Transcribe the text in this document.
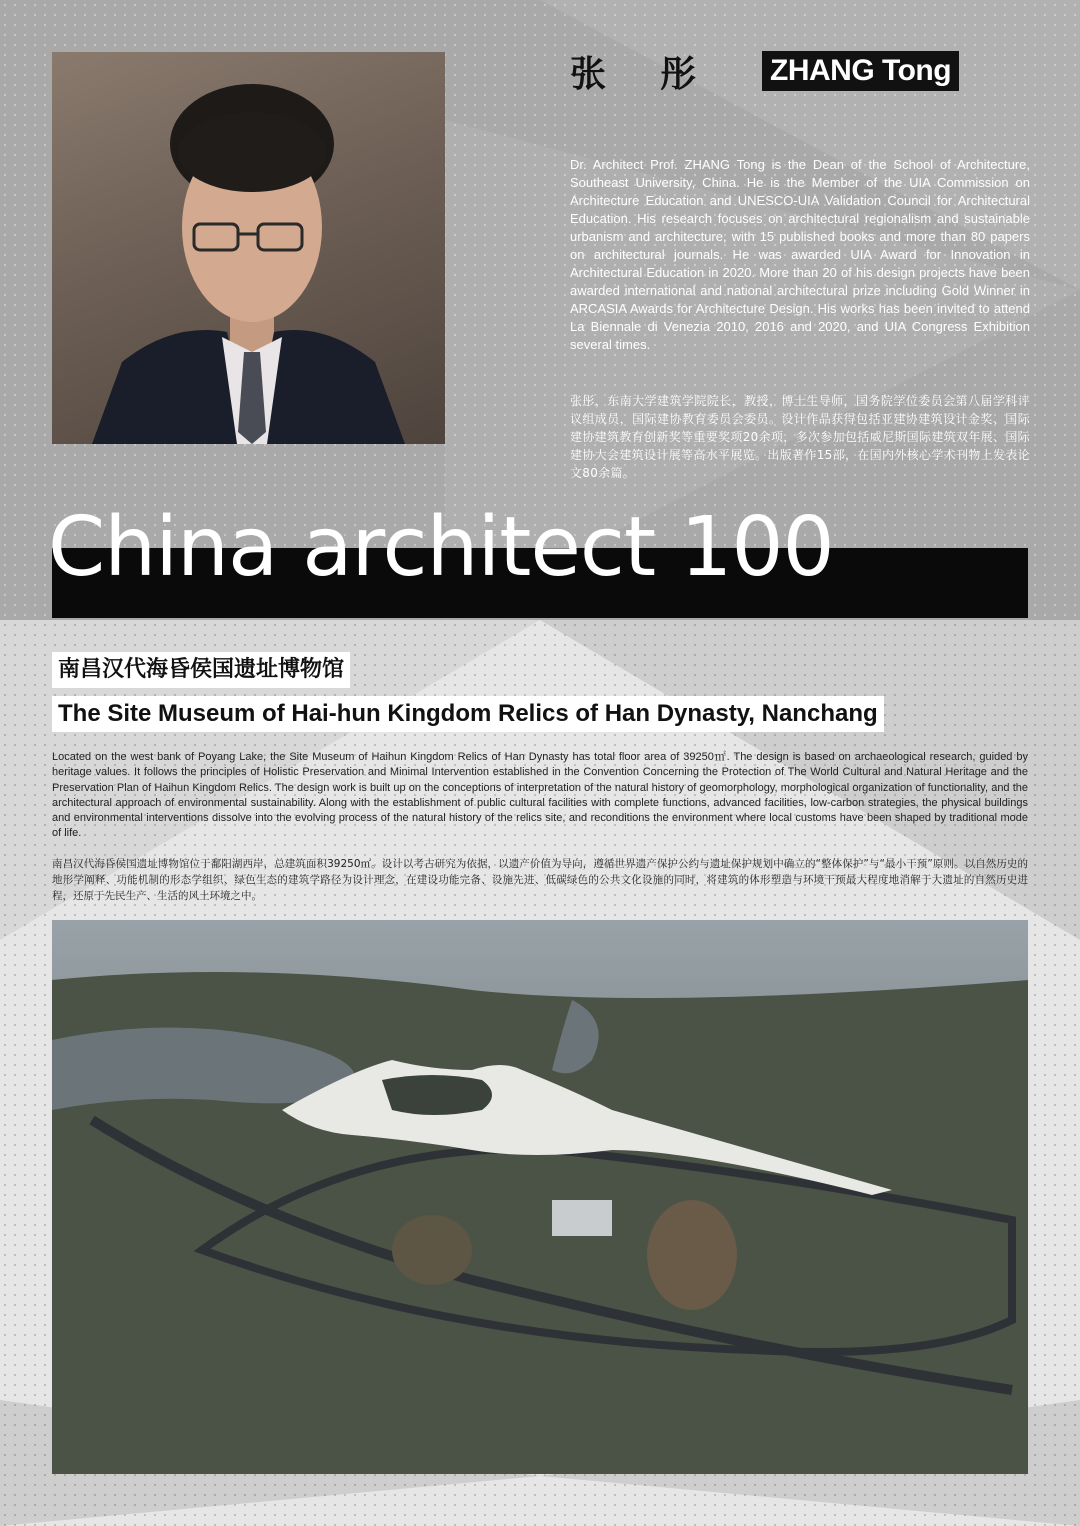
张彤 ZHANG Tong

Dr. Architect Prof. ZHANG Tong is the Dean of the School of Architecture, Southeast University, China. He is the Member of the UIA Commission on Architecture Education and UNESCO-UIA Validation Council for Architectural Education. His research focuses on architectural regionalism and sustainable urbanism and architecture, with 15 published books and more than 80 papers on architectural journals. He was awarded UIA Award for Innovation in Architectural Education in 2020. More than 20 of his design projects have been awarded international and national architectural prize including Gold Winner in ARCASIA Awards for Architecture Design. His works has been invited to attend La Biennale di Venezia 2010, 2016 and 2020, and UIA Congress Exhibition several times.

张彤，东南大学建筑学院院长，教授，博士生导师，国务院学位委员会第八届学科评议组成员，国际建协教育委员会委员。设计作品获得包括亚建协建筑设计金奖、国际建协建筑教育创新奖等重要奖项20余项，多次参加包括威尼斯国际建筑双年展、国际建协大会建筑设计展等高水平展览。出版著作15部，在国内外核心学术刊物上发表论文80余篇。

China architect 100
南昌汉代海昏侯国遗址博物馆
The Site Museum of Hai-hun Kingdom Relics of Han Dynasty, Nanchang

Located on the west bank of Poyang Lake, the Site Museum of Haihun Kingdom Relics of Han Dynasty has total floor area of 39250㎡. The design is based on archaeological research, guided by heritage values. It follows the principles of Holistic Preservation and Minimal Intervention established in the Convention Concerning the Protection of The World Cultural and Natural Heritage and the Preservation Plan of Haihun Kingdom Relics. The design work is built up on the conceptions of interpretation of the natural history of geomorphology, morphological organization of functionality, and the architectural approach of environmental sustainability. Along with the establishment of public cultural facilities with complete functions, advanced facilities, low-carbon strategies, the physical buildings and environmental interventions dissolve into the evolving process of the natural history of the relics site, and reconditions the environment where local customs have been shaped by traditional mode of life.

南昌汉代海昏侯国遗址博物馆位于鄱阳湖西岸，总建筑面积39250㎡。设计以考古研究为依据，以遗产价值为导向，遵循世界遗产保护公约与遗址保护规划中确立的“整体保护”与“最小干预”原则。以自然历史的地形学阐释、功能机制的形态学组织、绿色生态的建筑学路径为设计理念，在建设功能完备、设施先进、低碳绿色的公共文化设施的同时，将建筑的体形塑造与环境干预最大程度地消解于大遗址的自然历史进程，还原于先民生产、生活的风土环境之中。
